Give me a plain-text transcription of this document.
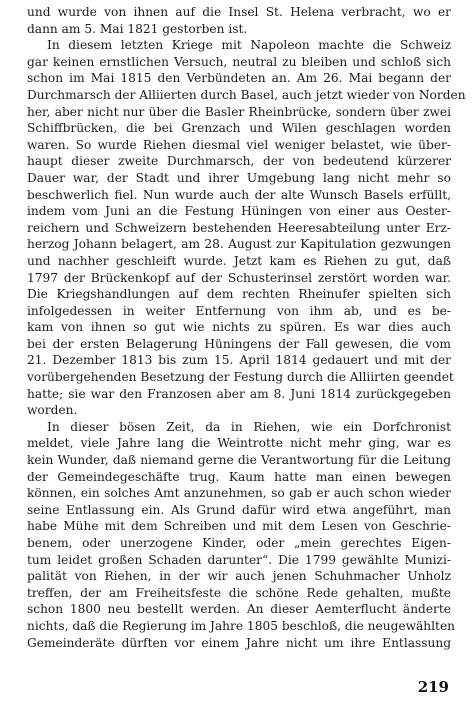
und wurde von ihnen auf die Insel St. Helena verbracht, wo er
dann am 5. Mai 1821 gestorben ist.
In diesem letzten Kriege mit Napoleon machte die Schweiz
gar keinen ernstlichen Versuch, neutral zu bleiben und schloß sich
schon im Mai 1815 den Verbündeten an. Am 26. Mai begann der
Durchmarsch der Alliierten durch Basel, auch jetzt wieder von Norden
her, aber nicht nur über die Basler Rheinbrücke, sondern über zwei
Schiffbrücken, die bei Grenzach und Wilen geschlagen worden
waren. So wurde Riehen diesmal viel weniger belastet, wie über-
haupt dieser zweite Durchmarsch, der von bedeutend kürzerer
Dauer war, der Stadt und ihrer Umgebung lang nicht mehr so
beschwerlich fiel. Nun wurde auch der alte Wunsch Basels erfüllt,
indem vom Juni an die Festung Hüningen von einer aus Oester-
reichern und Schweizern bestehenden Heeresabteilung unter Erz-
herzog Johann belagert, am 28. August zur Kapitulation gezwungen
und nachher geschleift wurde. Jetzt kam es Riehen zu gut, daß
1797 der Brückenkopf auf der Schusterinsel zerstört worden war.
Die Kriegshandlungen auf dem rechten Rheinufer spielten sich
infolgedessen in weiter Entfernung von ihm ab, und es be-
kam von ihnen so gut wie nichts zu spüren. Es war dies auch
bei der ersten Belagerung Hüningens der Fall gewesen, die vom
21. Dezember 1813 bis zum 15. April 1814 gedauert und mit der
vorübergehenden Besetzung der Festung durch die Alliirten geendet
hatte; sie war den Franzosen aber am 8. Juni 1814 zurückgegeben
worden.
In dieser bösen Zeit, da in Riehen, wie ein Dorfchronist
meldet, viele Jahre lang die Weintrotte nicht mehr ging, war es
kein Wunder, daß niemand gerne die Verantwortung für die Leitung
der Gemeindegeschäfte trug. Kaum hatte man einen bewegen
können, ein solches Amt anzunehmen, so gab er auch schon wieder
seine Entlassung ein. Als Grund dafür wird etwa angeführt, man
habe Mühe mit dem Schreiben und mit dem Lesen von Geschrie-
benem, oder unerzogene Kinder, oder „mein gerechtes Eigen-
tum leidet großen Schaden darunter“. Die 1799 gewählte Munizi-
palität von Riehen, in der wir auch jenen Schuhmacher Unholz
treffen, der am Freiheitsfeste die schöne Rede gehalten, mußte
schon 1800 neu bestellt werden. An dieser Aemterflucht änderte
nichts, daß die Regierung im Jahre 1805 beschloß, die neugewählten
Gemeinderäte dürften vor einem Jahre nicht um ihre Entlassung
219
